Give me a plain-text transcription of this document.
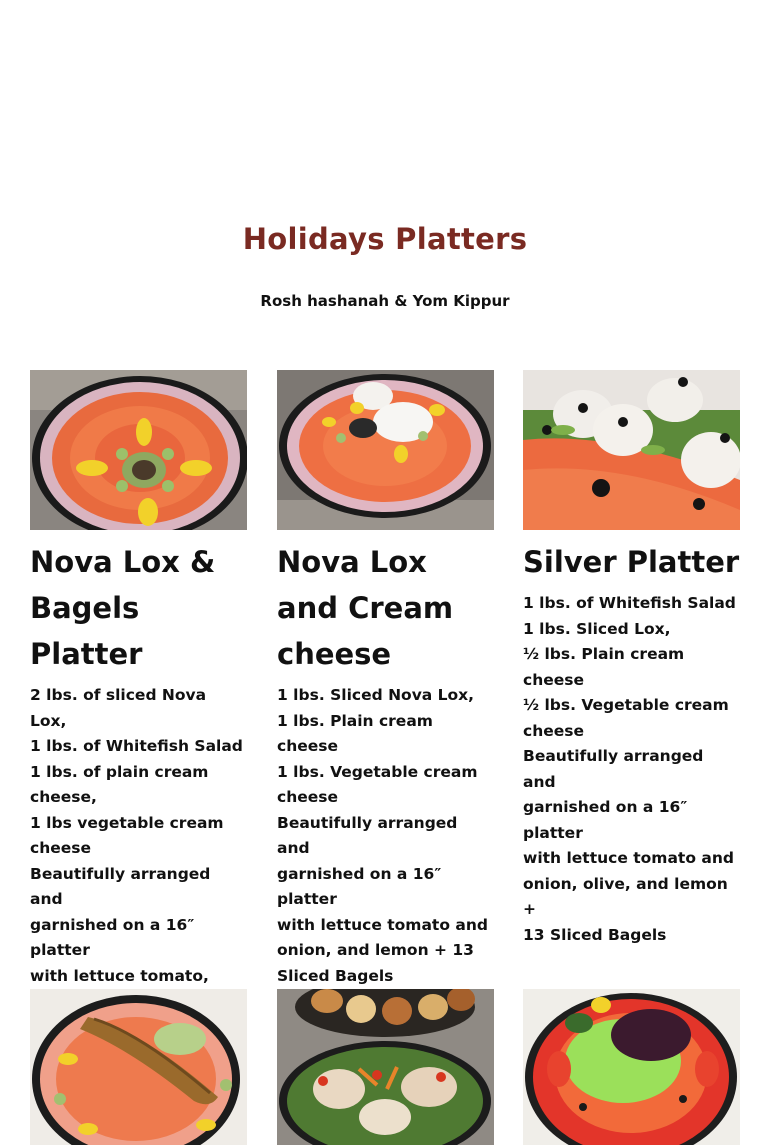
Holidays Platters
Rosh hashanah & Yom Kippur
Nova Lox & Bagels Platter
2 lbs. of sliced Nova Lox,
1 lbs. of Whitefish Salad
1 lbs. of plain cream
cheese,
1 lbs vegetable cream
cheese
Beautifully arranged and
garnished on a 16″ platter
with lettuce tomato,
Nova Lox and Cream cheese
1 lbs. Sliced Nova Lox,
1 lbs. Plain cream cheese
1 lbs. Vegetable cream
cheese
Beautifully arranged and
garnished on a 16″ platter
with lettuce tomato and
onion, and lemon + 13
Sliced Bagels
Silver Platter
1 lbs. of Whitefish Salad
1 lbs. Sliced Lox,
½ lbs. Plain cream cheese
½ lbs. Vegetable cream
cheese
Beautifully arranged and
garnished on a 16″ platter
with lettuce tomato and
onion, olive, and lemon +
13 Sliced Bagels
